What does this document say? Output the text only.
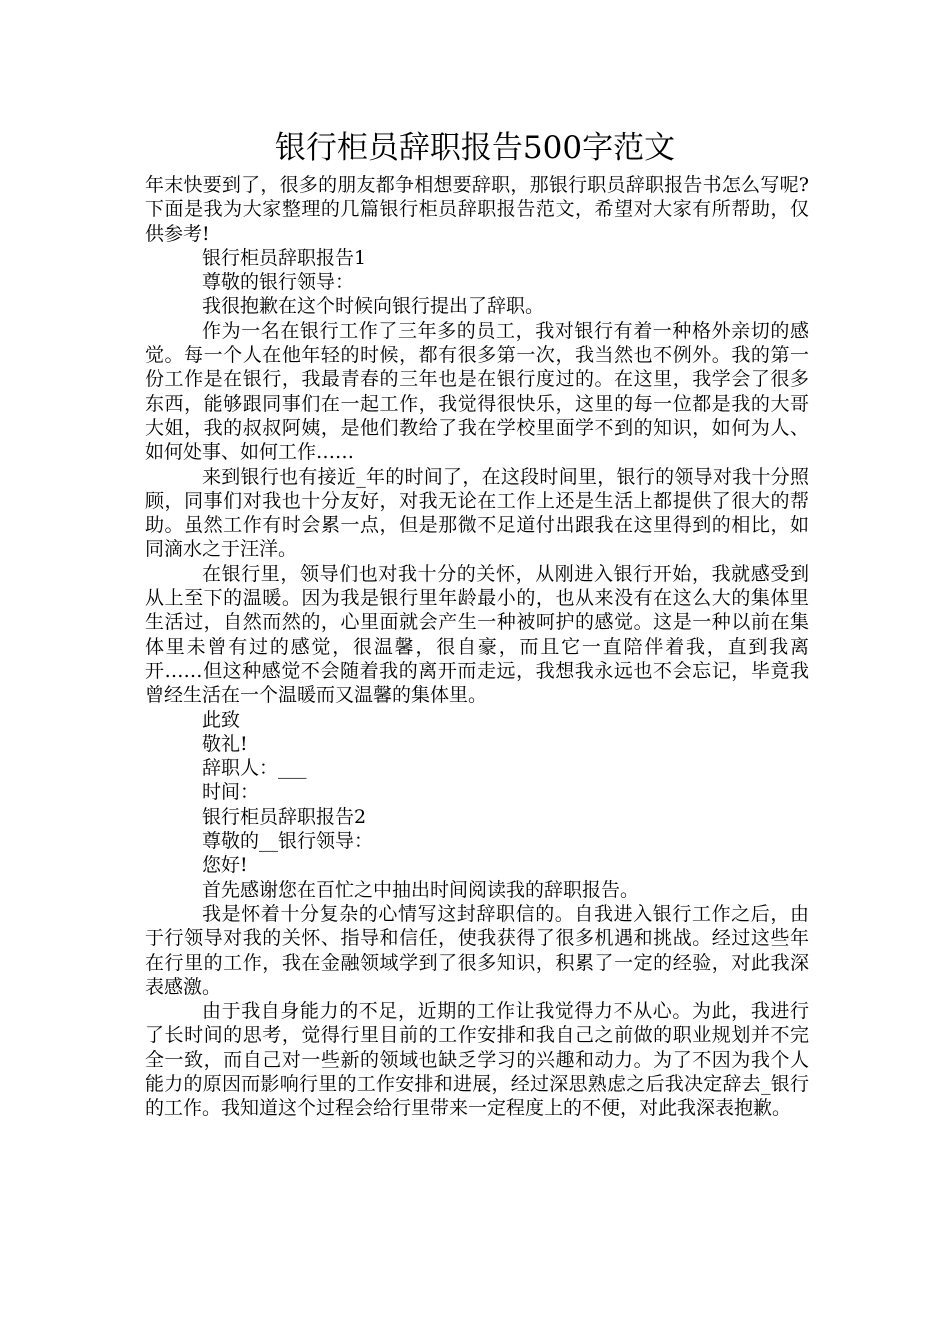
银行柜员辞职报告500字范文

年末快要到了，很多的朋友都争相想要辞职，那银行职员辞职报告书怎么写呢?下面是我为大家整理的几篇银行柜员辞职报告范文，希望对大家有所帮助，仅供参考!

银行柜员辞职报告1

尊敬的银行领导：

我很抱歉在这个时候向银行提出了辞职。

作为一名在银行工作了三年多的员工，我对银行有着一种格外亲切的感觉。每一个人在他年轻的时候，都有很多第一次，我当然也不例外。我的第一份工作是在银行，我最青春的三年也是在银行度过的。在这里，我学会了很多东西，能够跟同事们在一起工作，我觉得很快乐，这里的每一位都是我的大哥大姐，我的叔叔阿姨，是他们教给了我在学校里面学不到的知识，如何为人、如何处事、如何工作……

来到银行也有接近_年的时间了，在这段时间里，银行的领导对我十分照顾，同事们对我也十分友好，对我无论在工作上还是生活上都提供了很大的帮助。虽然工作有时会累一点，但是那微不足道付出跟我在这里得到的相比，如同滴水之于汪洋。

在银行里，领导们也对我十分的关怀，从刚进入银行开始，我就感受到从上至下的温暖。因为我是银行里年龄最小的，也从来没有在这么大的集体里生活过，自然而然的，心里面就会产生一种被呵护的感觉。这是一种以前在集体里未曾有过的感觉，很温馨，很自豪，而且它一直陪伴着我，直到我离开……但这种感觉不会随着我的离开而走远，我想我永远也不会忘记，毕竟我曾经生活在一个温暖而又温馨的集体里。

此致

敬礼!

辞职人：___

时间：

银行柜员辞职报告2

尊敬的__银行领导：

您好!

首先感谢您在百忙之中抽出时间阅读我的辞职报告。

我是怀着十分复杂的心情写这封辞职信的。自我进入银行工作之后，由于行领导对我的关怀、指导和信任，使我获得了很多机遇和挑战。经过这些年在行里的工作，我在金融领域学到了很多知识，积累了一定的经验，对此我深表感激。

由于我自身能力的不足，近期的工作让我觉得力不从心。为此，我进行了长时间的思考，觉得行里目前的工作安排和我自己之前做的职业规划并不完全一致，而自己对一些新的领域也缺乏学习的兴趣和动力。为了不因为我个人能力的原因而影响行里的工作安排和进展，经过深思熟虑之后我决定辞去_银行的工作。我知道这个过程会给行里带来一定程度上的不便，对此我深表抱歉。
